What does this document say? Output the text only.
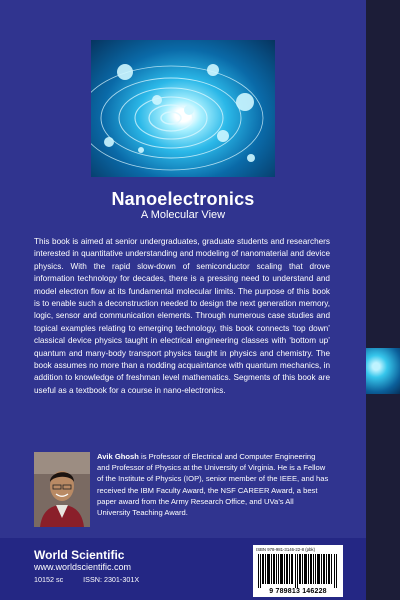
Nanoelectronics
A Molecular View
This book is aimed at senior undergraduates, graduate students and researchers interested in quantitative understanding and modeling of nanomaterial and device physics. With the rapid slow-down of semiconductor scaling that drove information technology for decades, there is a pressing need to understand and model electron flow at its fundamental molecular limits. The purpose of this book is to enable such a deconstruction needed to design the next generation memory, logic, sensor and communication elements. Through numerous case studies and topical examples relating to emerging technology, this book connects ‘top down’ classical device physics taught in electrical engineering classes with ‘bottom up’ quantum and many-body transport physics taught in physics and chemistry. The book assumes no more than a nodding acquaintance with quantum mechanics, in addition to knowledge of freshman level mathematics. Segments of this book are useful as a textbook for a course in nano-electronics.
Avik Ghosh is Professor of Electrical and Computer Engineering and Professor of Physics at the University of Virginia. He is a Fellow of the Institute of Physics (IOP), senior member of the IEEE, and has received the IBM Faculty Award, the NSF CAREER Award, a best paper award from the Army Research Office, and UVa’s All University Teaching Award.
World Scientific
www.worldscientific.com
10152 sc	ISSN: 2301-301X
ISBN 978-981-3146-22-8 (pbk)
9 789813 146228
